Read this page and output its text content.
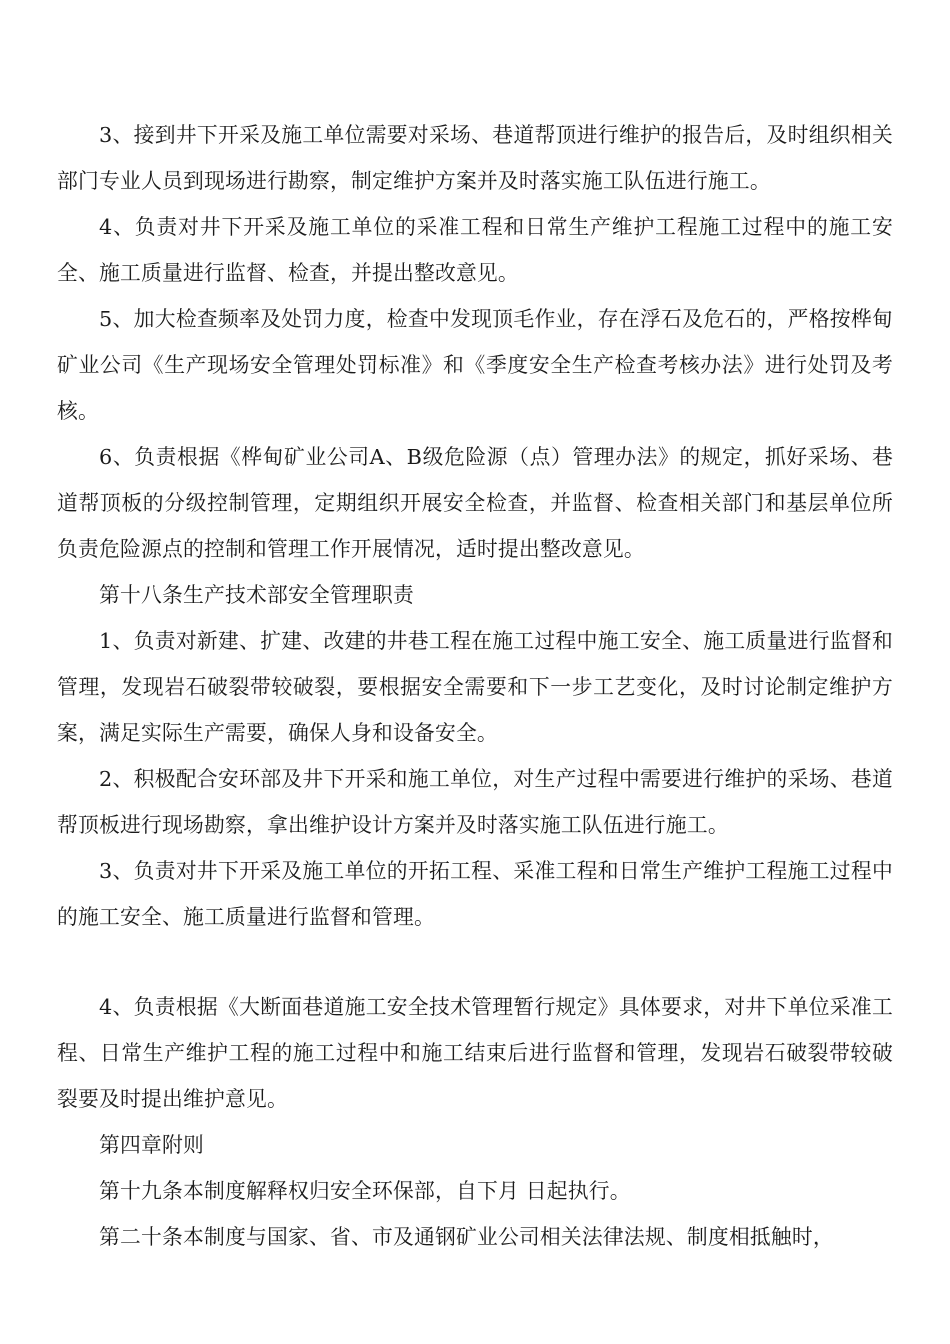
3、接到井下开采及施工单位需要对采场、巷道帮顶进行维护的报告后，及时组织相关部门专业人员到现场进行勘察，制定维护方案并及时落实施工队伍进行施工。

4、负责对井下开采及施工单位的采准工程和日常生产维护工程施工过程中的施工安全、施工质量进行监督、检查，并提出整改意见。

5、加大检查频率及处罚力度，检查中发现顶毛作业，存在浮石及危石的，严格按桦甸矿业公司《生产现场安全管理处罚标准》和《季度安全生产检查考核办法》进行处罚及考核。

6、负责根据《桦甸矿业公司A、B级危险源（点）管理办法》的规定，抓好采场、巷道帮顶板的分级控制管理，定期组织开展安全检查，并监督、检查相关部门和基层单位所负责危险源点的控制和管理工作开展情况，适时提出整改意见。

第十八条生产技术部安全管理职责

1、负责对新建、扩建、改建的井巷工程在施工过程中施工安全、施工质量进行监督和管理，发现岩石破裂带较破裂，要根据安全需要和下一步工艺变化，及时讨论制定维护方案，满足实际生产需要，确保人身和设备安全。

2、积极配合安环部及井下开采和施工单位，对生产过程中需要进行维护的采场、巷道帮顶板进行现场勘察，拿出维护设计方案并及时落实施工队伍进行施工。

3、负责对井下开采及施工单位的开拓工程、采准工程和日常生产维护工程施工过程中的施工安全、施工质量进行监督和管理。

4、负责根据《大断面巷道施工安全技术管理暂行规定》具体要求，对井下单位采准工程、日常生产维护工程的施工过程中和施工结束后进行监督和管理，发现岩石破裂带较破裂要及时提出维护意见。

第四章附则

第十九条本制度解释权归安全环保部，自下月 日起执行。

第二十条本制度与国家、省、市及通钢矿业公司相关法律法规、制度相抵触时，
